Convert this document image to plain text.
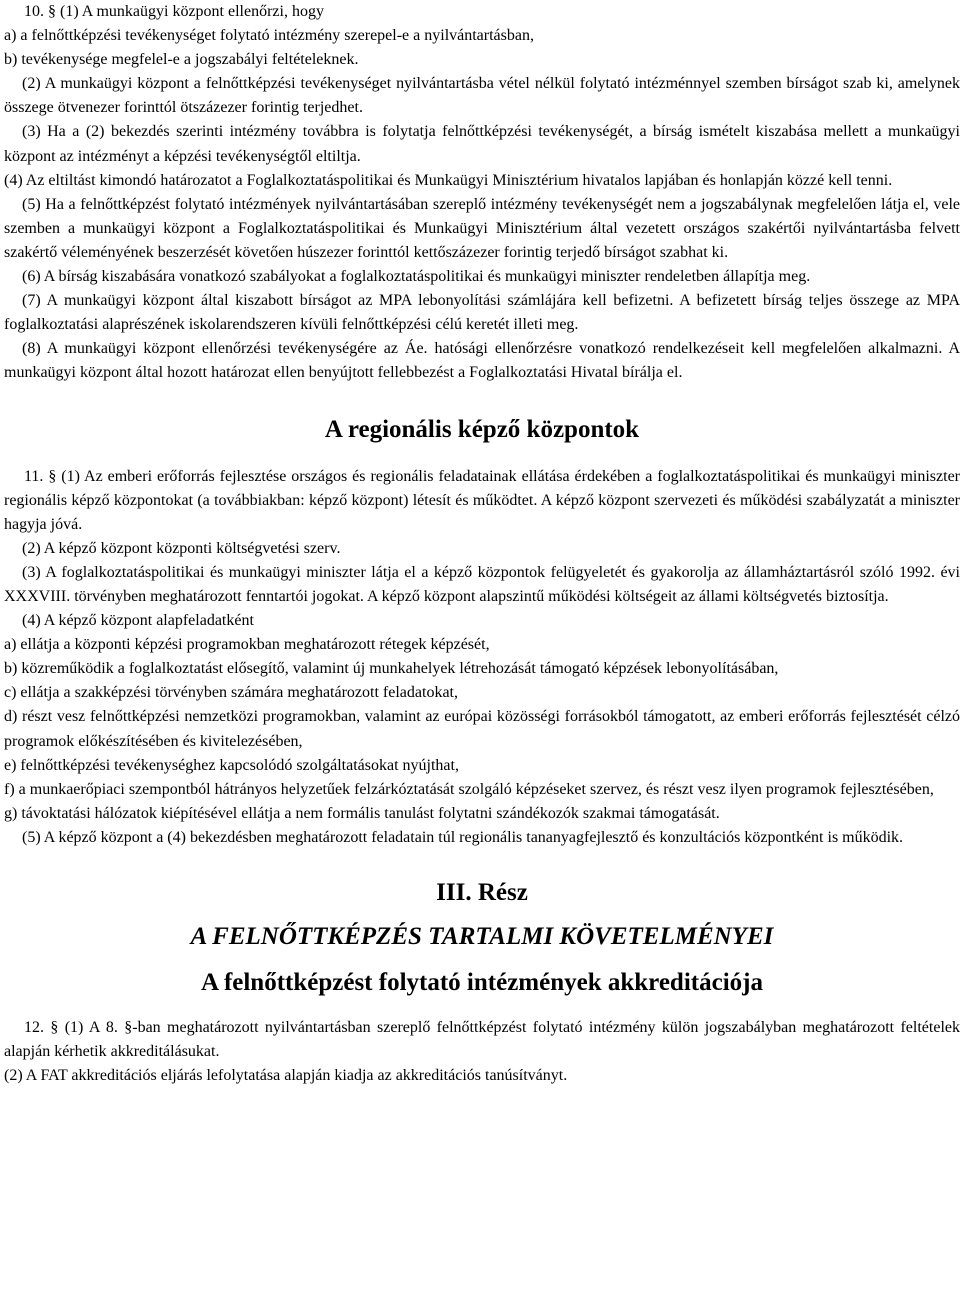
10. § (1) A munkaügyi központ ellenőrzi, hogy

a) a felnőttképzési tevékenységet folytató intézmény szerepel-e a nyilvántartásban,

b) tevékenysége megfelel-e a jogszabályi feltételeknek.

(2) A munkaügyi központ a felnőttképzési tevékenységet nyilvántartásba vétel nélkül folytató intézménnyel szemben bírságot szab ki, amelynek összege ötvenezer forinttól ötszázezer forintig terjedhet.

(3) Ha a (2) bekezdés szerinti intézmény továbbra is folytatja felnőttképzési tevékenységét, a bírság ismételt kiszabása mellett a munkaügyi központ az intézményt a képzési tevékenységtől eltiltja.

(4) Az eltiltást kimondó határozatot a Foglalkoztatáspolitikai és Munkaügyi Minisztérium hivatalos lapjában és honlapján közzé kell tenni.

(5) Ha a felnőttképzést folytató intézmények nyilvántartásában szereplő intézmény tevékenységét nem a jogszabálynak megfelelően látja el, vele szemben a munkaügyi központ a Foglalkoztatáspolitikai és Munkaügyi Minisztérium által vezetett országos szakértői nyilvántartásba felvett szakértő véleményének beszerzését követően húszezer forinttól kettőszázezer forintig terjedő bírságot szabhat ki.

(6) A bírság kiszabására vonatkozó szabályokat a foglalkoztatáspolitikai és munkaügyi miniszter rendeletben állapítja meg.

(7) A munkaügyi központ által kiszabott bírságot az MPA lebonyolítási számlájára kell befizetni. A befizetett bírság teljes összege az MPA foglalkoztatási alaprészének iskolarendszeren kívüli felnőttképzési célú keretét illeti meg.

(8) A munkaügyi központ ellenőrzési tevékenységére az Áe. hatósági ellenőrzésre vonatkozó rendelkezéseit kell megfelelően alkalmazni. A munkaügyi központ által hozott határozat ellen benyújtott fellebbezést a Foglalkoztatási Hivatal bírálja el.

A regionális képző központok

11. § (1) Az emberi erőforrás fejlesztése országos és regionális feladatainak ellátása érdekében a foglalkoztatáspolitikai és munkaügyi miniszter regionális képző központokat (a továbbiakban: képző központ) létesít és működtet. A képző központ szervezeti és működési szabályzatát a miniszter hagyja jóvá.

(2) A képző központ központi költségvetési szerv.

(3) A foglalkoztatáspolitikai és munkaügyi miniszter látja el a képző központok felügyeletét és gyakorolja az államháztartásról szóló 1992. évi XXXVIII. törvényben meghatározott fenntartói jogokat. A képző központ alapszintű működési költségeit az állami költségvetés biztosítja.

(4) A képző központ alapfeladatként

a) ellátja a központi képzési programokban meghatározott rétegek képzését,

b) közreműködik a foglalkoztatást elősegítő, valamint új munkahelyek létrehozását támogató képzések lebonyolításában,

c) ellátja a szakképzési törvényben számára meghatározott feladatokat,

d) részt vesz felnőttképzési nemzetközi programokban, valamint az európai közösségi forrásokból támogatott, az emberi erőforrás fejlesztését célzó programok előkészítésében és kivitelezésében,

e) felnőttképzési tevékenységhez kapcsolódó szolgáltatásokat nyújthat,

f) a munkaerőpiaci szempontból hátrányos helyzetűek felzárkóztatását szolgáló képzéseket szervez, és részt vesz ilyen programok fejlesztésében,

g) távoktatási hálózatok kiépítésével ellátja a nem formális tanulást folytatni szándékozók szakmai támogatását.

(5) A képző központ a (4) bekezdésben meghatározott feladatain túl regionális tananyagfejlesztő és konzultációs központként is működik.

III. Rész
A FELNŐTTKÉPZÉS TARTALMI KÖVETELMÉNYEI
A felnőttképzést folytató intézmények akkreditációja

12. § (1) A 8. §-ban meghatározott nyilvántartásban szereplő felnőttképzést folytató intézmény külön jogszabályban meghatározott feltételek alapján kérhetik akkreditálásukat.

(2) A FAT akkreditációs eljárás lefolytatása alapján kiadja az akkreditációs tanúsítványt.
